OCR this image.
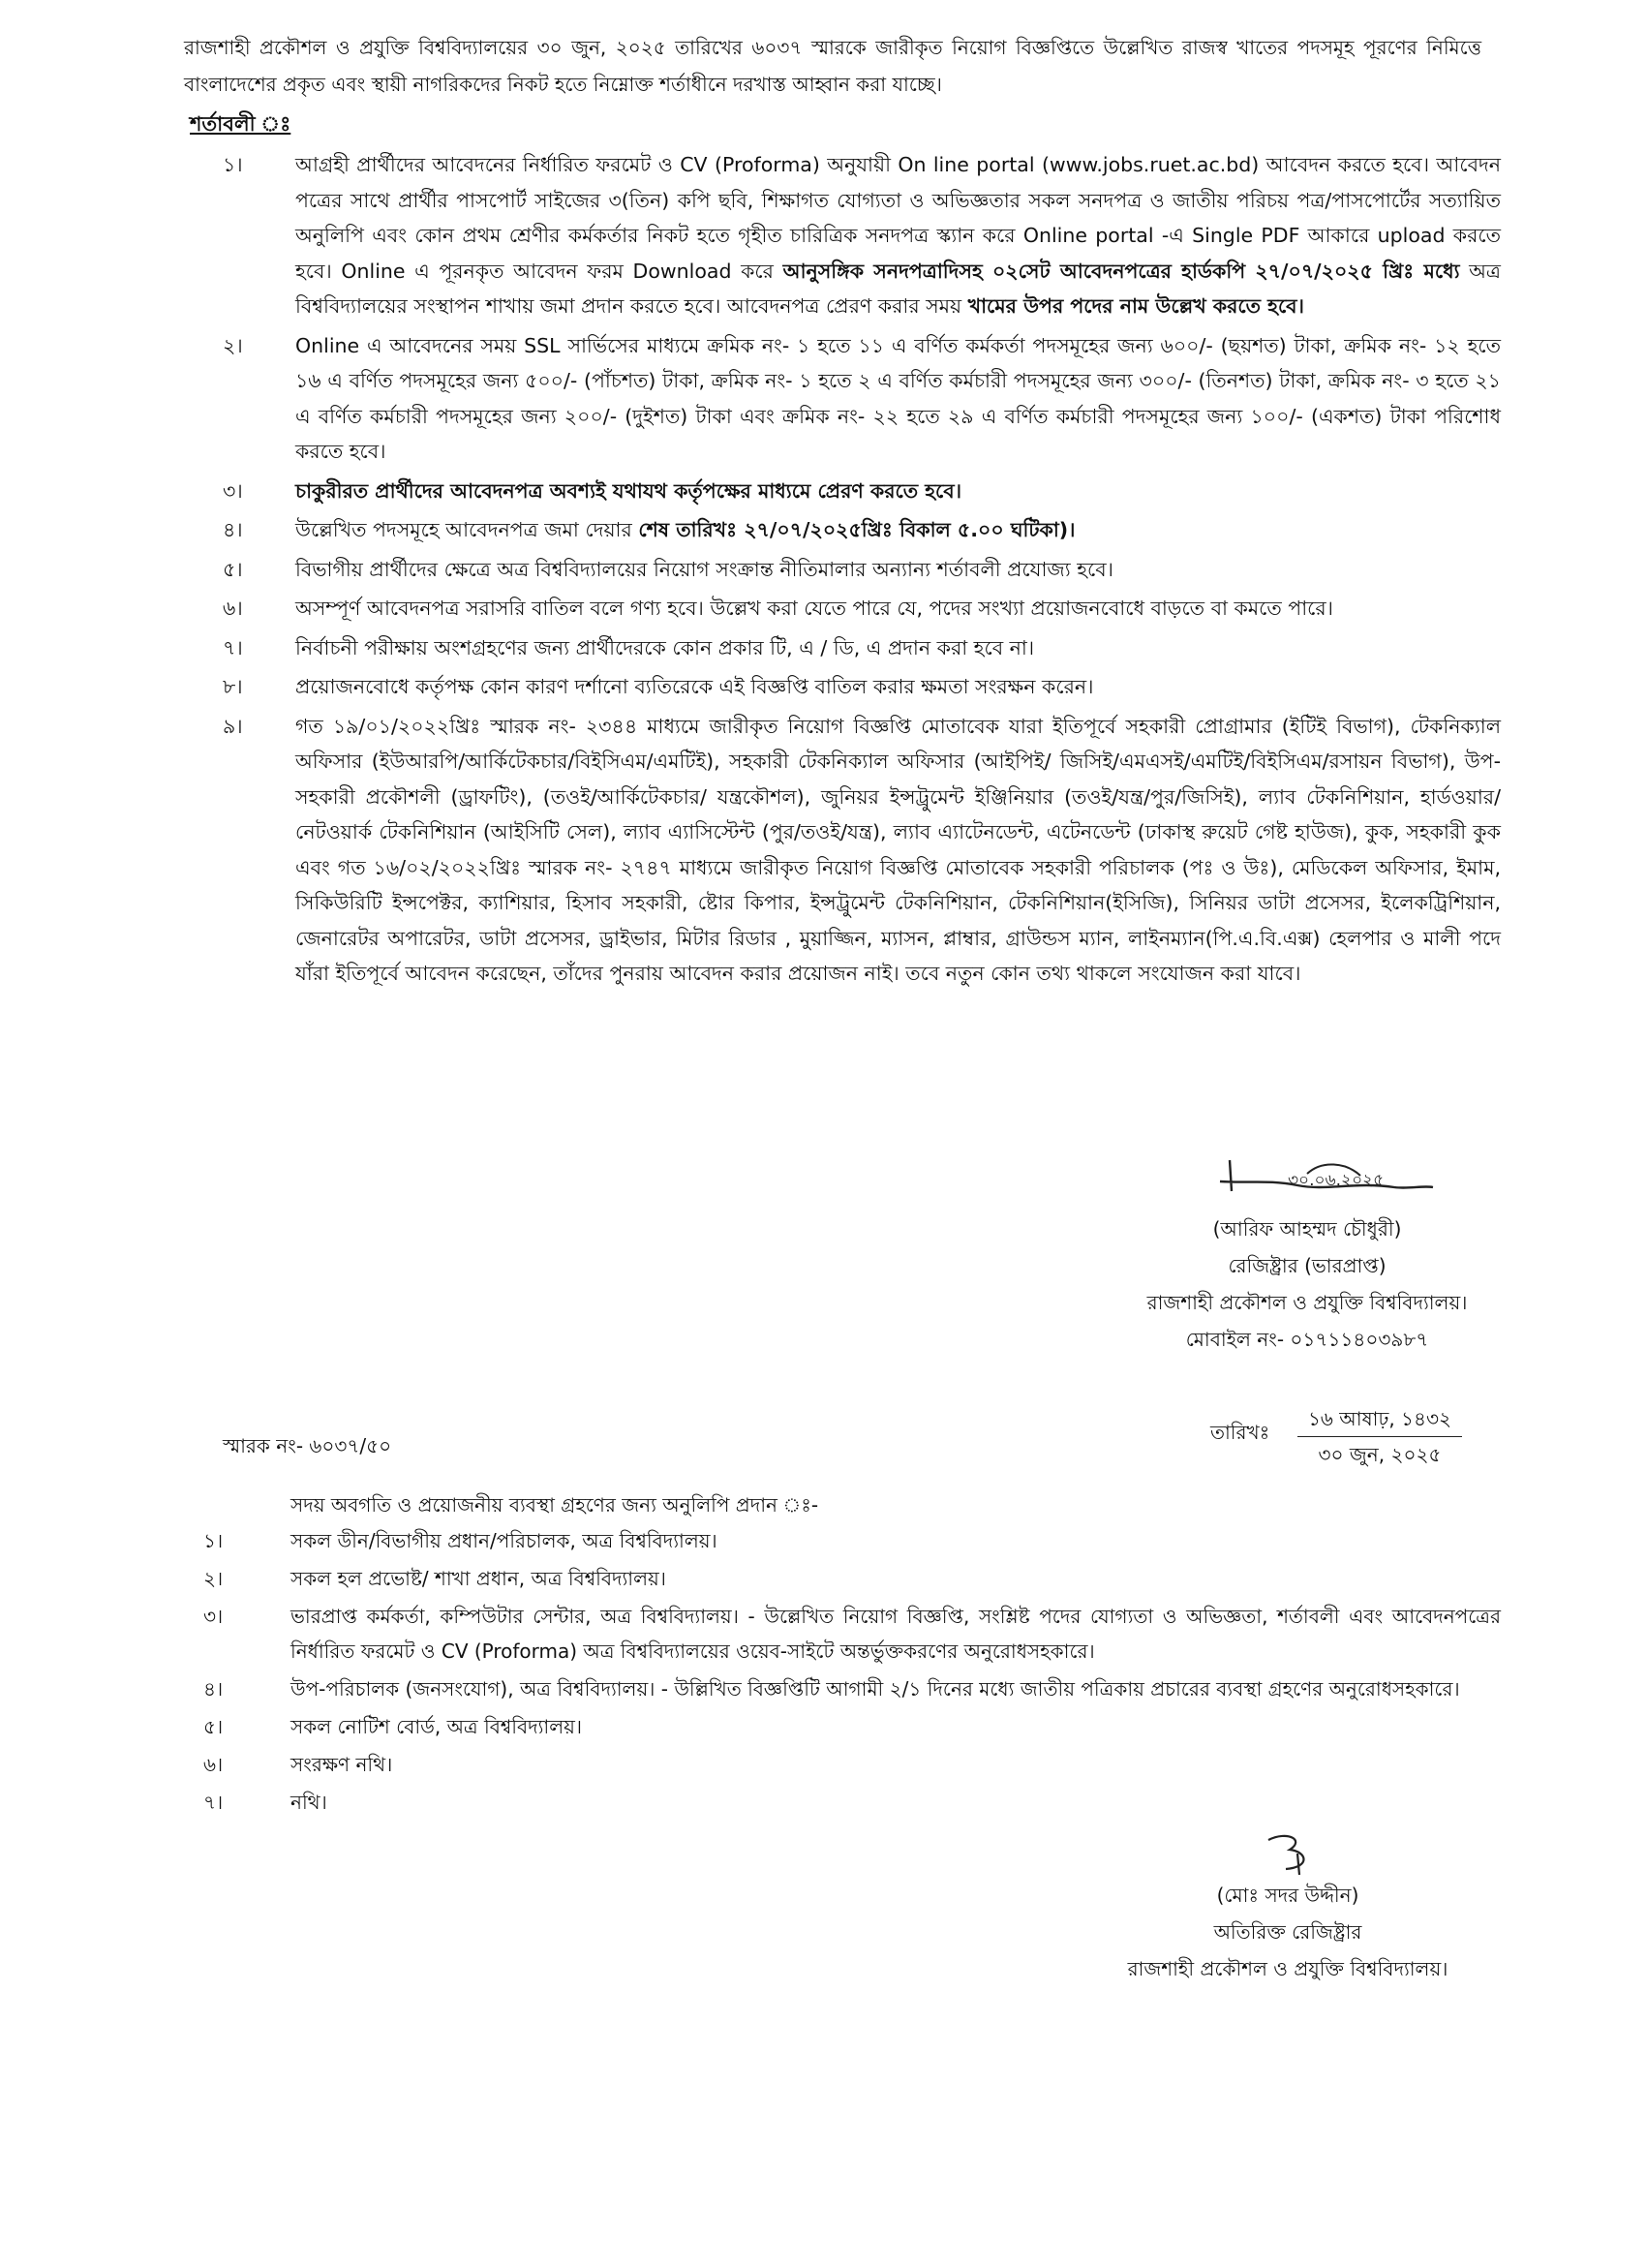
রাজশাহী প্রকৌশল ও প্রযুক্তি বিশ্ববিদ্যালয়ের ৩০ জুন, ২০২৫ তারিখের ৬০৩৭ স্মারকে জারীকৃত নিয়োগ বিজ্ঞপ্তিতে উল্লেখিত রাজস্ব খাতের পদসমূহ পূরণের নিমিত্তে বাংলাদেশের প্রকৃত এবং স্থায়ী নাগরিকদের নিকট হতে নিম্নোক্ত শর্তাধীনে দরখাস্ত আহ্বান করা যাচ্ছে।

শর্তাবলী ঃ

১।	আগ্রহী প্রার্থীদের আবেদনের নির্ধারিত ফরমেট ও CV (Proforma) অনুযায়ী On line portal (www.jobs.ruet.ac.bd) আবেদন করতে হবে। আবেদন পত্রের সাথে প্রার্থীর পাসপোর্ট সাইজের ৩(তিন) কপি ছবি, শিক্ষাগত যোগ্যতা ও অভিজ্ঞতার সকল সনদপত্র ও জাতীয় পরিচয় পত্র/পাসপোর্টের সত্যায়িত অনুলিপি এবং কোন প্রথম শ্রেণীর কর্মকর্তার নিকট হতে গৃহীত চারিত্রিক সনদপত্র স্ক্যান করে Online portal -এ Single PDF আকারে upload করতে হবে। Online এ পূরনকৃত আবেদন ফরম Download করে আনুসঙ্গিক সনদপত্রাদিসহ ০২সেট আবেদনপত্রের হার্ডকপি ২৭/০৭/২০২৫ খ্রিঃ মধ্যে অত্র বিশ্ববিদ্যালয়ের সংস্থাপন শাখায় জমা প্রদান করতে হবে। আবেদনপত্র প্রেরণ করার সময় খামের উপর পদের নাম উল্লেখ করতে হবে।
২।	Online এ আবেদনের সময় SSL সার্ভিসের মাধ্যমে ক্রমিক নং- ১ হতে ১১ এ বর্ণিত কর্মকর্তা পদসমূহের জন্য ৬০০/- (ছয়শত) টাকা, ক্রমিক নং- ১২ হতে ১৬ এ বর্ণিত পদসমূহের জন্য ৫০০/- (পাঁচশত) টাকা, ক্রমিক নং- ১ হতে ২ এ বর্ণিত কর্মচারী পদসমূহের জন্য ৩০০/- (তিনশত) টাকা, ক্রমিক নং- ৩ হতে ২১ এ বর্ণিত কর্মচারী পদসমূহের জন্য ২০০/- (দুইশত) টাকা এবং ক্রমিক নং- ২২ হতে ২৯ এ বর্ণিত কর্মচারী পদসমূহের জন্য ১০০/- (একশত) টাকা পরিশোধ করতে হবে।
৩।	চাকুরীরত প্রার্থীদের আবেদনপত্র অবশ্যই যথাযথ কর্তৃপক্ষের মাধ্যমে প্রেরণ করতে হবে।
৪।	উল্লেখিত পদসমূহে আবেদনপত্র জমা দেয়ার শেষ তারিখঃ ২৭/০৭/২০২৫খ্রিঃ বিকাল ৫.০০ ঘটিকা)।
৫।	বিভাগীয় প্রার্থীদের ক্ষেত্রে অত্র বিশ্ববিদ্যালয়ের নিয়োগ সংক্রান্ত নীতিমালার অন্যান্য শর্তাবলী প্রযোজ্য হবে।
৬।	অসম্পূর্ণ আবেদনপত্র সরাসরি বাতিল বলে গণ্য হবে। উল্লেখ করা যেতে পারে যে, পদের সংখ্যা প্রয়োজনবোধে বাড়তে বা কমতে পারে।
৭।	নির্বাচনী পরীক্ষায় অংশগ্রহণের জন্য প্রার্থীদেরকে কোন প্রকার টি, এ / ডি, এ প্রদান করা হবে না।
৮।	প্রয়োজনবোধে কর্তৃপক্ষ কোন কারণ দর্শানো ব্যতিরেকে এই বিজ্ঞপ্তি বাতিল করার ক্ষমতা সংরক্ষন করেন।
৯।	গত ১৯/০১/২০২২খ্রিঃ স্মারক নং- ২৩৪৪ মাধ্যমে জারীকৃত নিয়োগ বিজ্ঞপ্তি মোতাবেক যারা ইতিপূর্বে সহকারী প্রোগ্রামার (ইটিই বিভাগ), টেকনিক্যাল অফিসার (ইউআরপি/আর্কিটেকচার/বিইসিএম/এমটিই), সহকারী টেকনিক্যাল অফিসার (আইপিই/ জিসিই/এমএসই/এমটিই/বিইসিএম/রসায়ন বিভাগ), উপ-সহকারী প্রকৌশলী (ড্রাফটিং), (তওই/আর্কিটেকচার/ যন্ত্রকৌশল), জুনিয়র ইন্সট্রুমেন্ট ইঞ্জিনিয়ার (তওই/যন্ত্র/পুর/জিসিই), ল্যাব টেকনিশিয়ান, হার্ডওয়ার/নেটওয়ার্ক টেকনিশিয়ান (আইসিটি সেল), ল্যাব এ্যাসিস্টেন্ট (পুর/তওই/যন্ত্র), ল্যাব এ্যাটেনডেন্ট, এটেনডেন্ট (ঢাকাস্থ রুয়েট গেষ্ট হাউজ), কুক, সহকারী কুক এবং গত ১৬/০২/২০২২খ্রিঃ স্মারক নং- ২৭৪৭ মাধ্যমে জারীকৃত নিয়োগ বিজ্ঞপ্তি মোতাবেক সহকারী পরিচালক (পঃ ও উঃ), মেডিকেল অফিসার, ইমাম, সিকিউরিটি ইন্সপেক্টর, ক্যাশিয়ার, হিসাব সহকারী, ষ্টোর কিপার, ইন্সট্রুমেন্ট টেকনিশিয়ান, টেকনিশিয়ান(ইসিজি), সিনিয়র ডাটা প্রসেসর, ইলেকট্রিশিয়ান, জেনারেটর অপারেটর, ডাটা প্রসেসর, ড্রাইভার, মিটার রিডার , মুয়াজ্জিন, ম্যাসন, প্লাম্বার, গ্রাউন্ডস ম্যান, লাইনম্যান(পি.এ.বি.এক্স) হেলপার ও মালী পদে যাঁরা ইতিপূর্বে আবেদন করেছেন, তাঁদের পুনরায় আবেদন করার প্রয়োজন নাই। তবে নতুন কোন তথ্য থাকলে সংযোজন করা যাবে।
৩০.০৬.২০২৫
(আরিফ আহম্মদ চৌধুরী)
রেজিষ্ট্রার (ভারপ্রাপ্ত)
রাজশাহী প্রকৌশল ও প্রযুক্তি বিশ্ববিদ্যালয়।
মোবাইল নং- ০১৭১১৪০৩৯৮৭
স্মারক নং- ৬০৩৭/৫০
তারিখঃ
১৬ আষাঢ়, ১৪৩২
৩০ জুন, ২০২৫
সদয় অবগতি ও প্রয়োজনীয় ব্যবস্থা গ্রহণের জন্য অনুলিপি প্রদান ঃ-
১।	সকল ডীন/বিভাগীয় প্রধান/পরিচালক, অত্র বিশ্ববিদ্যালয়।
২।	সকল হল প্রভোষ্ট/ শাখা প্রধান, অত্র বিশ্ববিদ্যালয়।
৩।	ভারপ্রাপ্ত কর্মকর্তা, কম্পিউটার সেন্টার, অত্র বিশ্ববিদ্যালয়। - উল্লেখিত নিয়োগ বিজ্ঞপ্তি, সংশ্লিষ্ট পদের যোগ্যতা ও অভিজ্ঞতা, শর্তাবলী এবং আবেদনপত্রের নির্ধারিত ফরমেট ও CV (Proforma) অত্র বিশ্ববিদ্যালয়ের ওয়েব-সাইটে অন্তর্ভুক্তকরণের অনুরোধসহকারে।
৪।	উপ-পরিচালক (জনসংযোগ), অত্র বিশ্ববিদ্যালয়। - উল্লিখিত বিজ্ঞপ্তিটি আগামী ২/১ দিনের মধ্যে জাতীয় পত্রিকায় প্রচারের ব্যবস্থা গ্রহণের অনুরোধসহকারে।
৫।	সকল নোটিশ বোর্ড, অত্র বিশ্ববিদ্যালয়।
৬।	সংরক্ষণ নথি।
৭।	নথি।
(মোঃ সদর উদ্দীন)
অতিরিক্ত রেজিষ্ট্রার
রাজশাহী প্রকৌশল ও প্রযুক্তি বিশ্ববিদ্যালয়।
